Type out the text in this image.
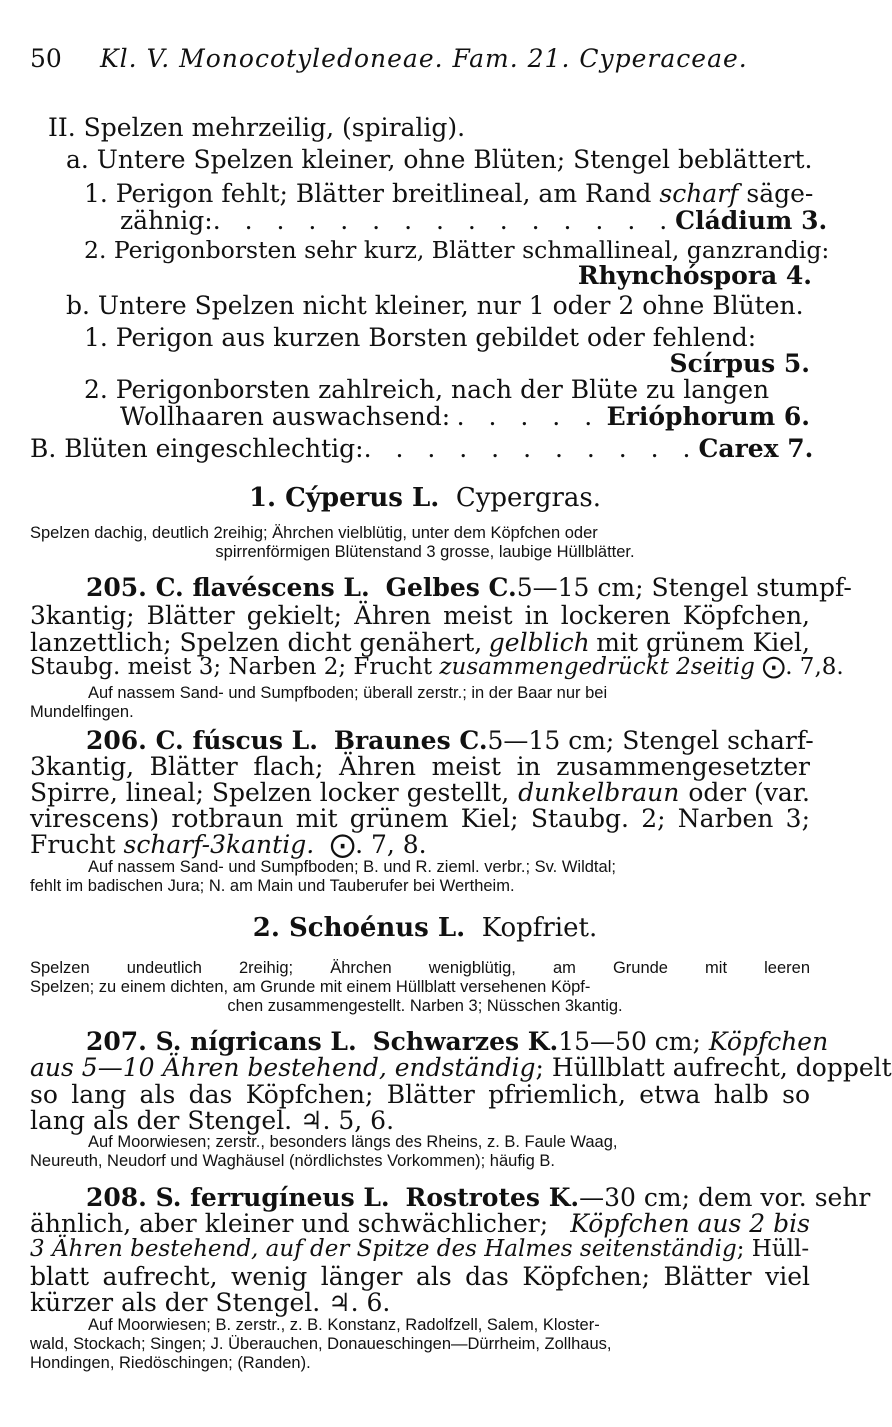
50 Kl. V. Monocotyledoneae. Fam. 21. Cyperaceae.
II. Spelzen mehrzeilig, (spiralig).
a. Untere Spelzen kleiner, ohne Blüten; Stengel beblättert.
1. Perigon fehlt; Blätter breitlineal, am Rand scharf säge-
zähnig: . . . . . . . . . . . . . . . Cládium 3.
2. Perigonborsten sehr kurz, Blätter schmallineal, ganzrandig:
Rhynchóspora 4.
b. Untere Spelzen nicht kleiner, nur 1 oder 2 ohne Blüten.
1. Perigon aus kurzen Borsten gebildet oder fehlend:
Scírpus 5.
2. Perigonborsten zahlreich, nach der Blüte zu langen
Wollhaaren auswachsend: . . . . . Erióphorum 6.
B. Blüten eingeschlechtig: . . . . . . . . . . . Carex 7.
1. Cýperus L. Cypergras.
Spelzen dachig, deutlich 2reihig; Ährchen vielblütig, unter dem Köpfchen oder
spirrenförmigen Blütenstand 3 grosse, laubige Hüllblätter.
205. C. flavéscens L. Gelbes C. 5—15 cm; Stengel stumpf-
3kantig; Blätter gekielt; Ähren meist in lockeren Köpfchen,
lanzettlich; Spelzen dicht genähert, gelblich mit grünem Kiel,
Staubg. meist 3; Narben 2; Frucht zusammengedrückt 2seitig ⨀. 7,8.
Auf nassem Sand- und Sumpfboden; überall zerstr.; in der Baar nur bei
Mundelfingen.
206. C. fúscus L. Braunes C. 5—15 cm; Stengel scharf-
3kantig, Blätter flach; Ähren meist in zusammengesetzter
Spirre, lineal; Spelzen locker gestellt, dunkelbraun oder (var.
virescens) rotbraun mit grünem Kiel; Staubg. 2; Narben 3;
Frucht scharf-3kantig. ⨀. 7, 8.
Auf nassem Sand- und Sumpfboden; B. und R. zieml. verbr.; Sv. Wildtal;
fehlt im badischen Jura; N. am Main und Tauberufer bei Wertheim.
2. Schoénus L. Kopfriet.
Spelzen undeutlich 2reihig; Ährchen wenigblütig, am Grunde mit leeren
Spelzen; zu einem dichten, am Grunde mit einem Hüllblatt versehenen Köpf-
chen zusammengestellt. Narben 3; Nüsschen 3kantig.
207. S. nígricans L. Schwarzes K. 15—50 cm; Köpfchen
aus 5—10 Ähren bestehend, endständig; Hüllblatt aufrecht, doppelt
so lang als das Köpfchen; Blätter pfriemlich, etwa halb so
lang als der Stengel. ♃. 5, 6.
Auf Moorwiesen; zerstr., besonders längs des Rheins, z. B. Faule Waag,
Neureuth, Neudorf und Waghäusel (nördlichstes Vorkommen); häufig B.
208. S. ferrugíneus L. Rostrotes K. —30 cm; dem vor. sehr
ähnlich, aber kleiner und schwächlicher; Köpfchen aus 2 bis
3 Ähren bestehend, auf der Spitze des Halmes seitenständig; Hüll-
blatt aufrecht, wenig länger als das Köpfchen; Blätter viel
kürzer als der Stengel. ♃. 6.
Auf Moorwiesen; B. zerstr., z. B. Konstanz, Radolfzell, Salem, Kloster-
wald, Stockach; Singen; J. Überauchen, Donaueschingen—Dürrheim, Zollhaus,
Hondingen, Riedöschingen; (Randen).
